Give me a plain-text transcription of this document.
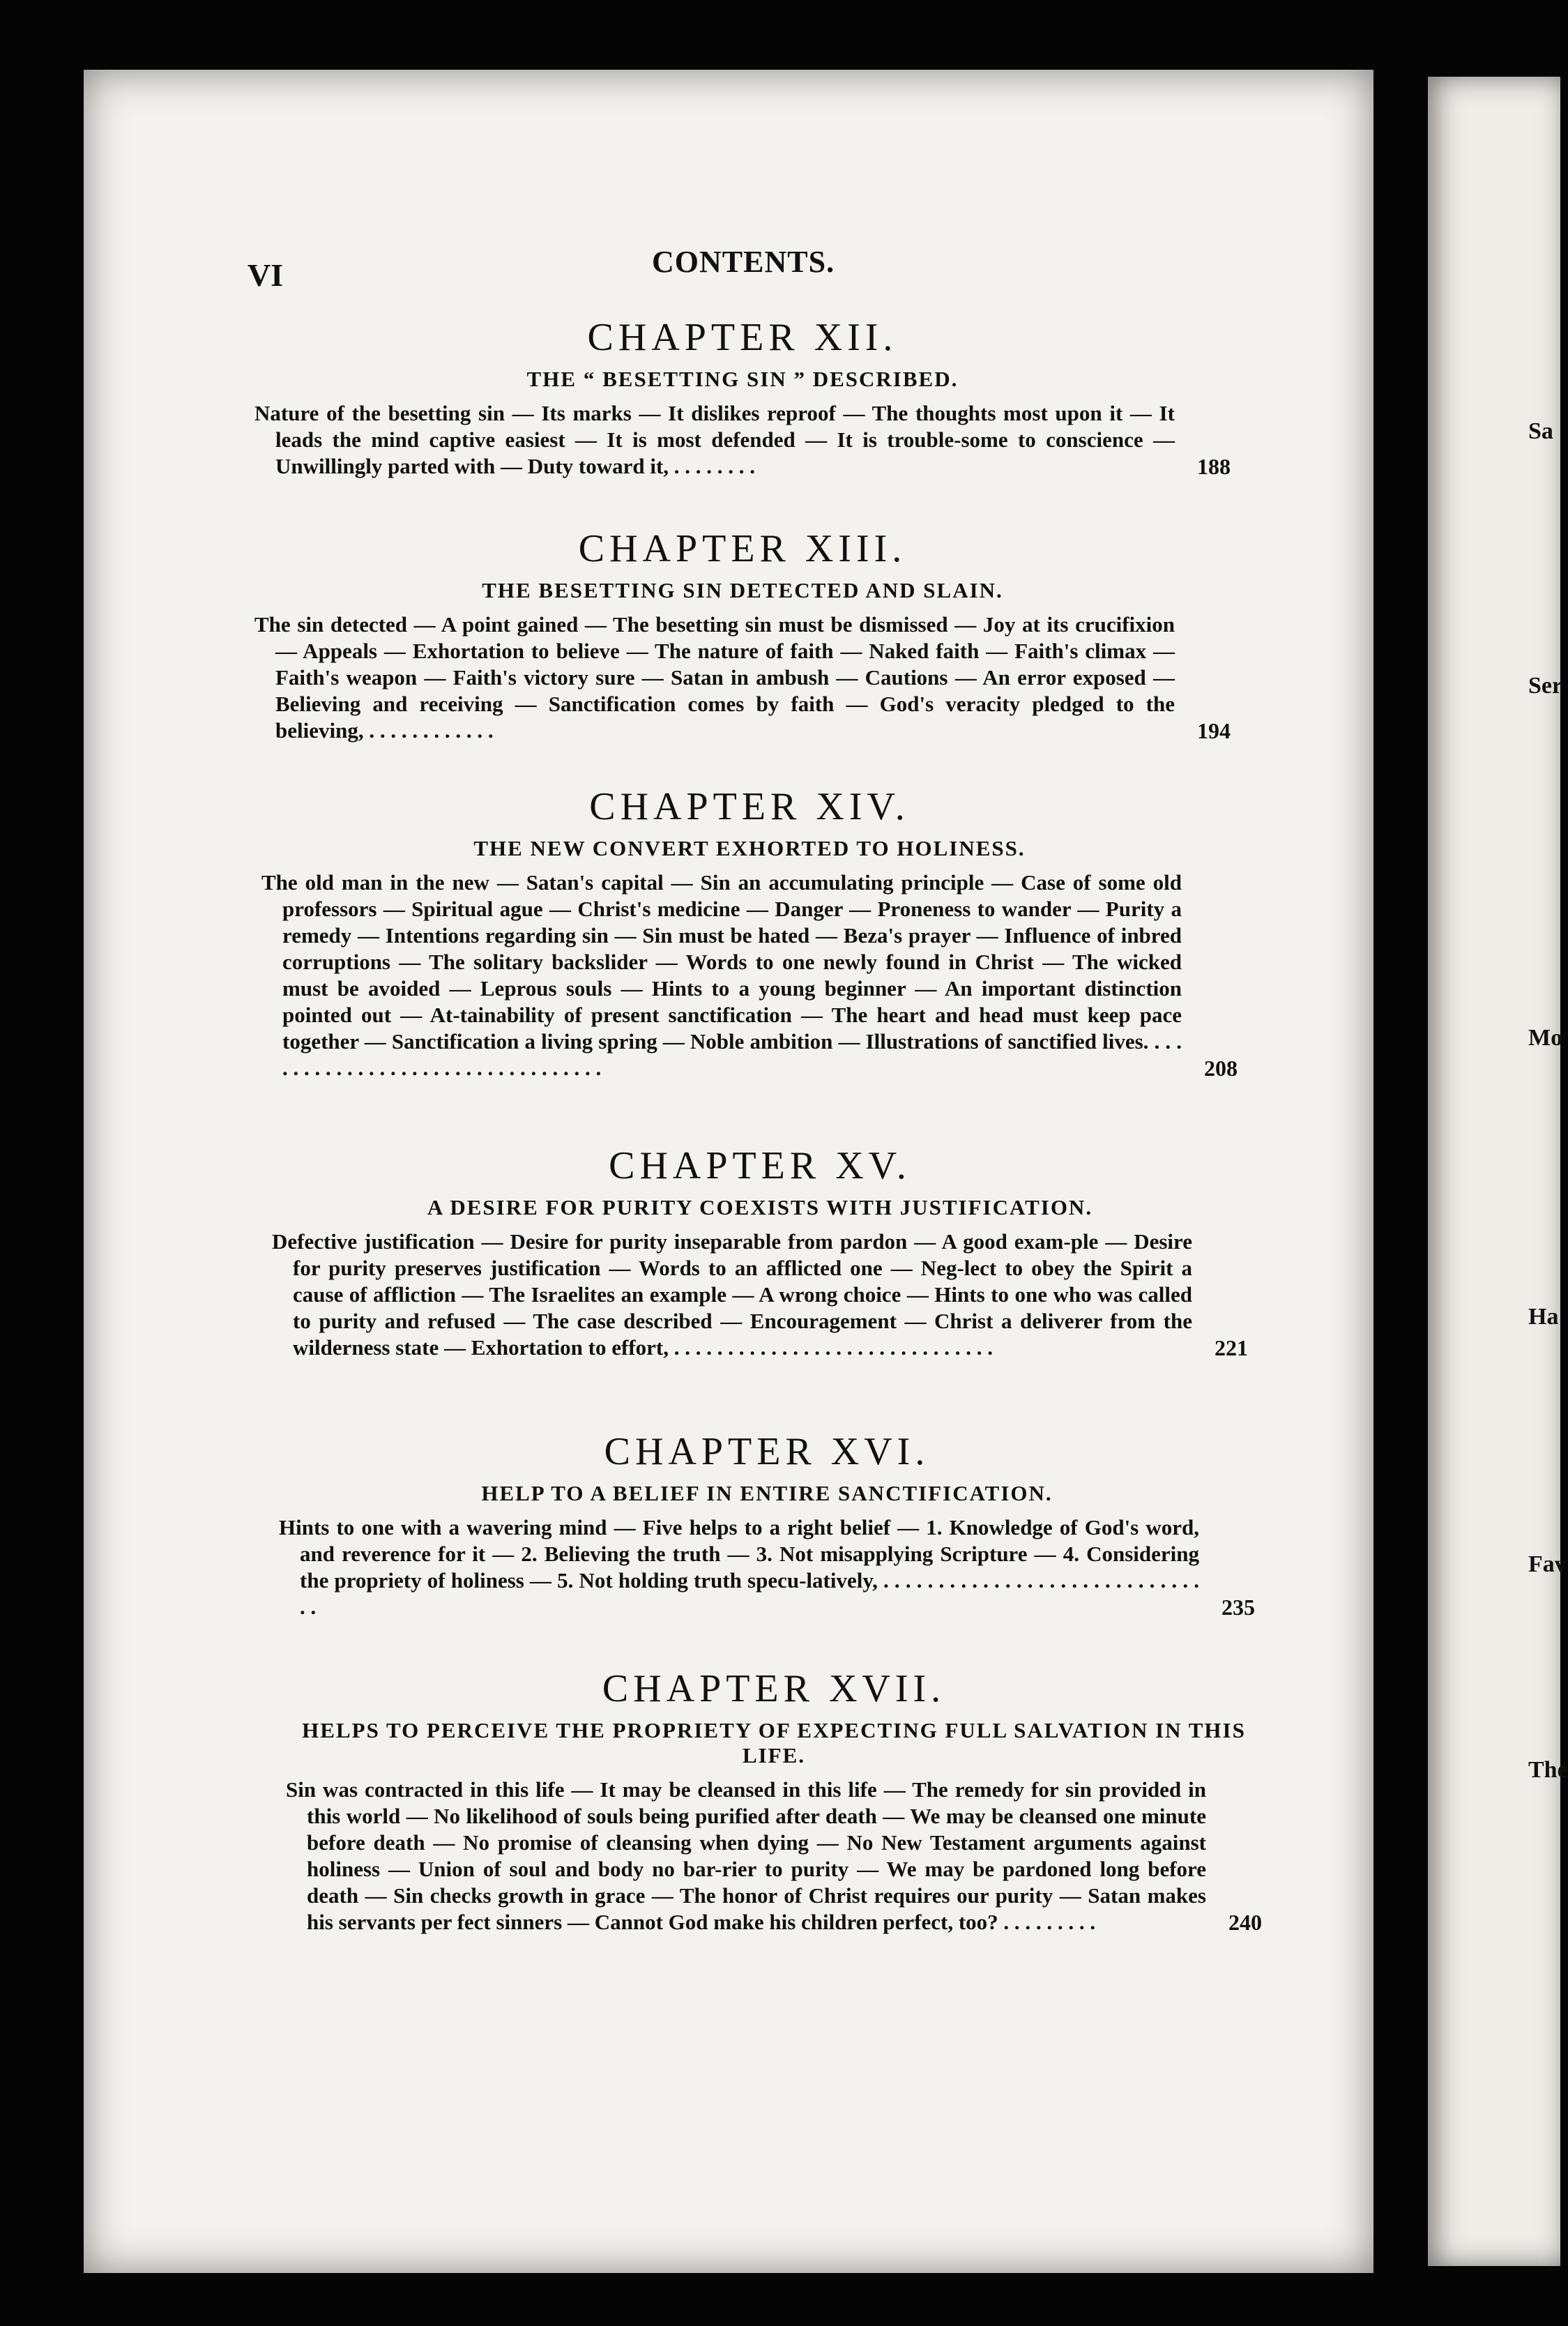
Sa
Ser
Mo
Ha
Fav
The
VI	CONTENTS.
CHAPTER XII.
THE “ BESETTING SIN ” DESCRIBED.
Nature of the besetting sin — Its marks — It dislikes reproof — The thoughts most upon it — It leads the mind captive easiest — It is most defended — It is trouble-some to conscience — Unwillingly parted with — Duty toward it, . . . . . . . .	188
CHAPTER XIII.
THE BESETTING SIN DETECTED AND SLAIN.
The sin detected — A point gained — The besetting sin must be dismissed — Joy at its crucifixion — Appeals — Exhortation to believe — The nature of faith — Naked faith — Faith's climax — Faith's weapon — Faith's victory sure — Satan in ambush — Cautions — An error exposed — Believing and receiving — Sanctification comes by faith — God's veracity pledged to the believing, . . . . . . . . . . . .	194
CHAPTER XIV.
THE NEW CONVERT EXHORTED TO HOLINESS.
The old man in the new — Satan's capital — Sin an accumulating principle — Case of some old professors — Spiritual ague — Christ's medicine — Danger — Proneness to wander — Purity a remedy — Intentions regarding sin — Sin must be hated — Beza's prayer — Influence of inbred corruptions — The solitary backslider — Words to one newly found in Christ — The wicked must be avoided — Leprous souls — Hints to a young beginner — An important distinction pointed out — At-tainability of present sanctification — The heart and head must keep pace together — Sanctification a living spring — Noble ambition — Illustrations of sanctified lives. . . . . . . . . . . . . . . . . . . . . . . . . . . . . . . . . .	208
CHAPTER XV.
A DESIRE FOR PURITY COEXISTS WITH JUSTIFICATION.
Defective justification — Desire for purity inseparable from pardon — A good exam-ple — Desire for purity preserves justification — Words to an afflicted one — Neg-lect to obey the Spirit a cause of affliction — The Israelites an example — A wrong choice — Hints to one who was called to purity and refused — The case described — Encouragement — Christ a deliverer from the wilderness state — Exhortation to effort, . . . . . . . . . . . . . . . . . . . . . . . . . . . . . .	221
CHAPTER XVI.
HELP TO A BELIEF IN ENTIRE SANCTIFICATION.
Hints to one with a wavering mind — Five helps to a right belief — 1. Knowledge of God's word, and reverence for it — 2. Believing the truth — 3. Not misapplying Scripture — 4. Considering the propriety of holiness — 5. Not holding truth specu-latively, . . . . . . . . . . . . . . . . . . . . . . . . . . . . . . .	235
CHAPTER XVII.
HELPS TO PERCEIVE THE PROPRIETY OF EXPECTING FULL SALVATION IN THIS LIFE.
Sin was contracted in this life — It may be cleansed in this life — The remedy for sin provided in this world — No likelihood of souls being purified after death — We may be cleansed one minute before death — No promise of cleansing when dying — No New Testament arguments against holiness — Union of soul and body no bar-rier to purity — We may be pardoned long before death — Sin checks growth in grace — The honor of Christ requires our purity — Satan makes his servants per fect sinners — Cannot God make his children perfect, too? . . . . . . . . .	240
